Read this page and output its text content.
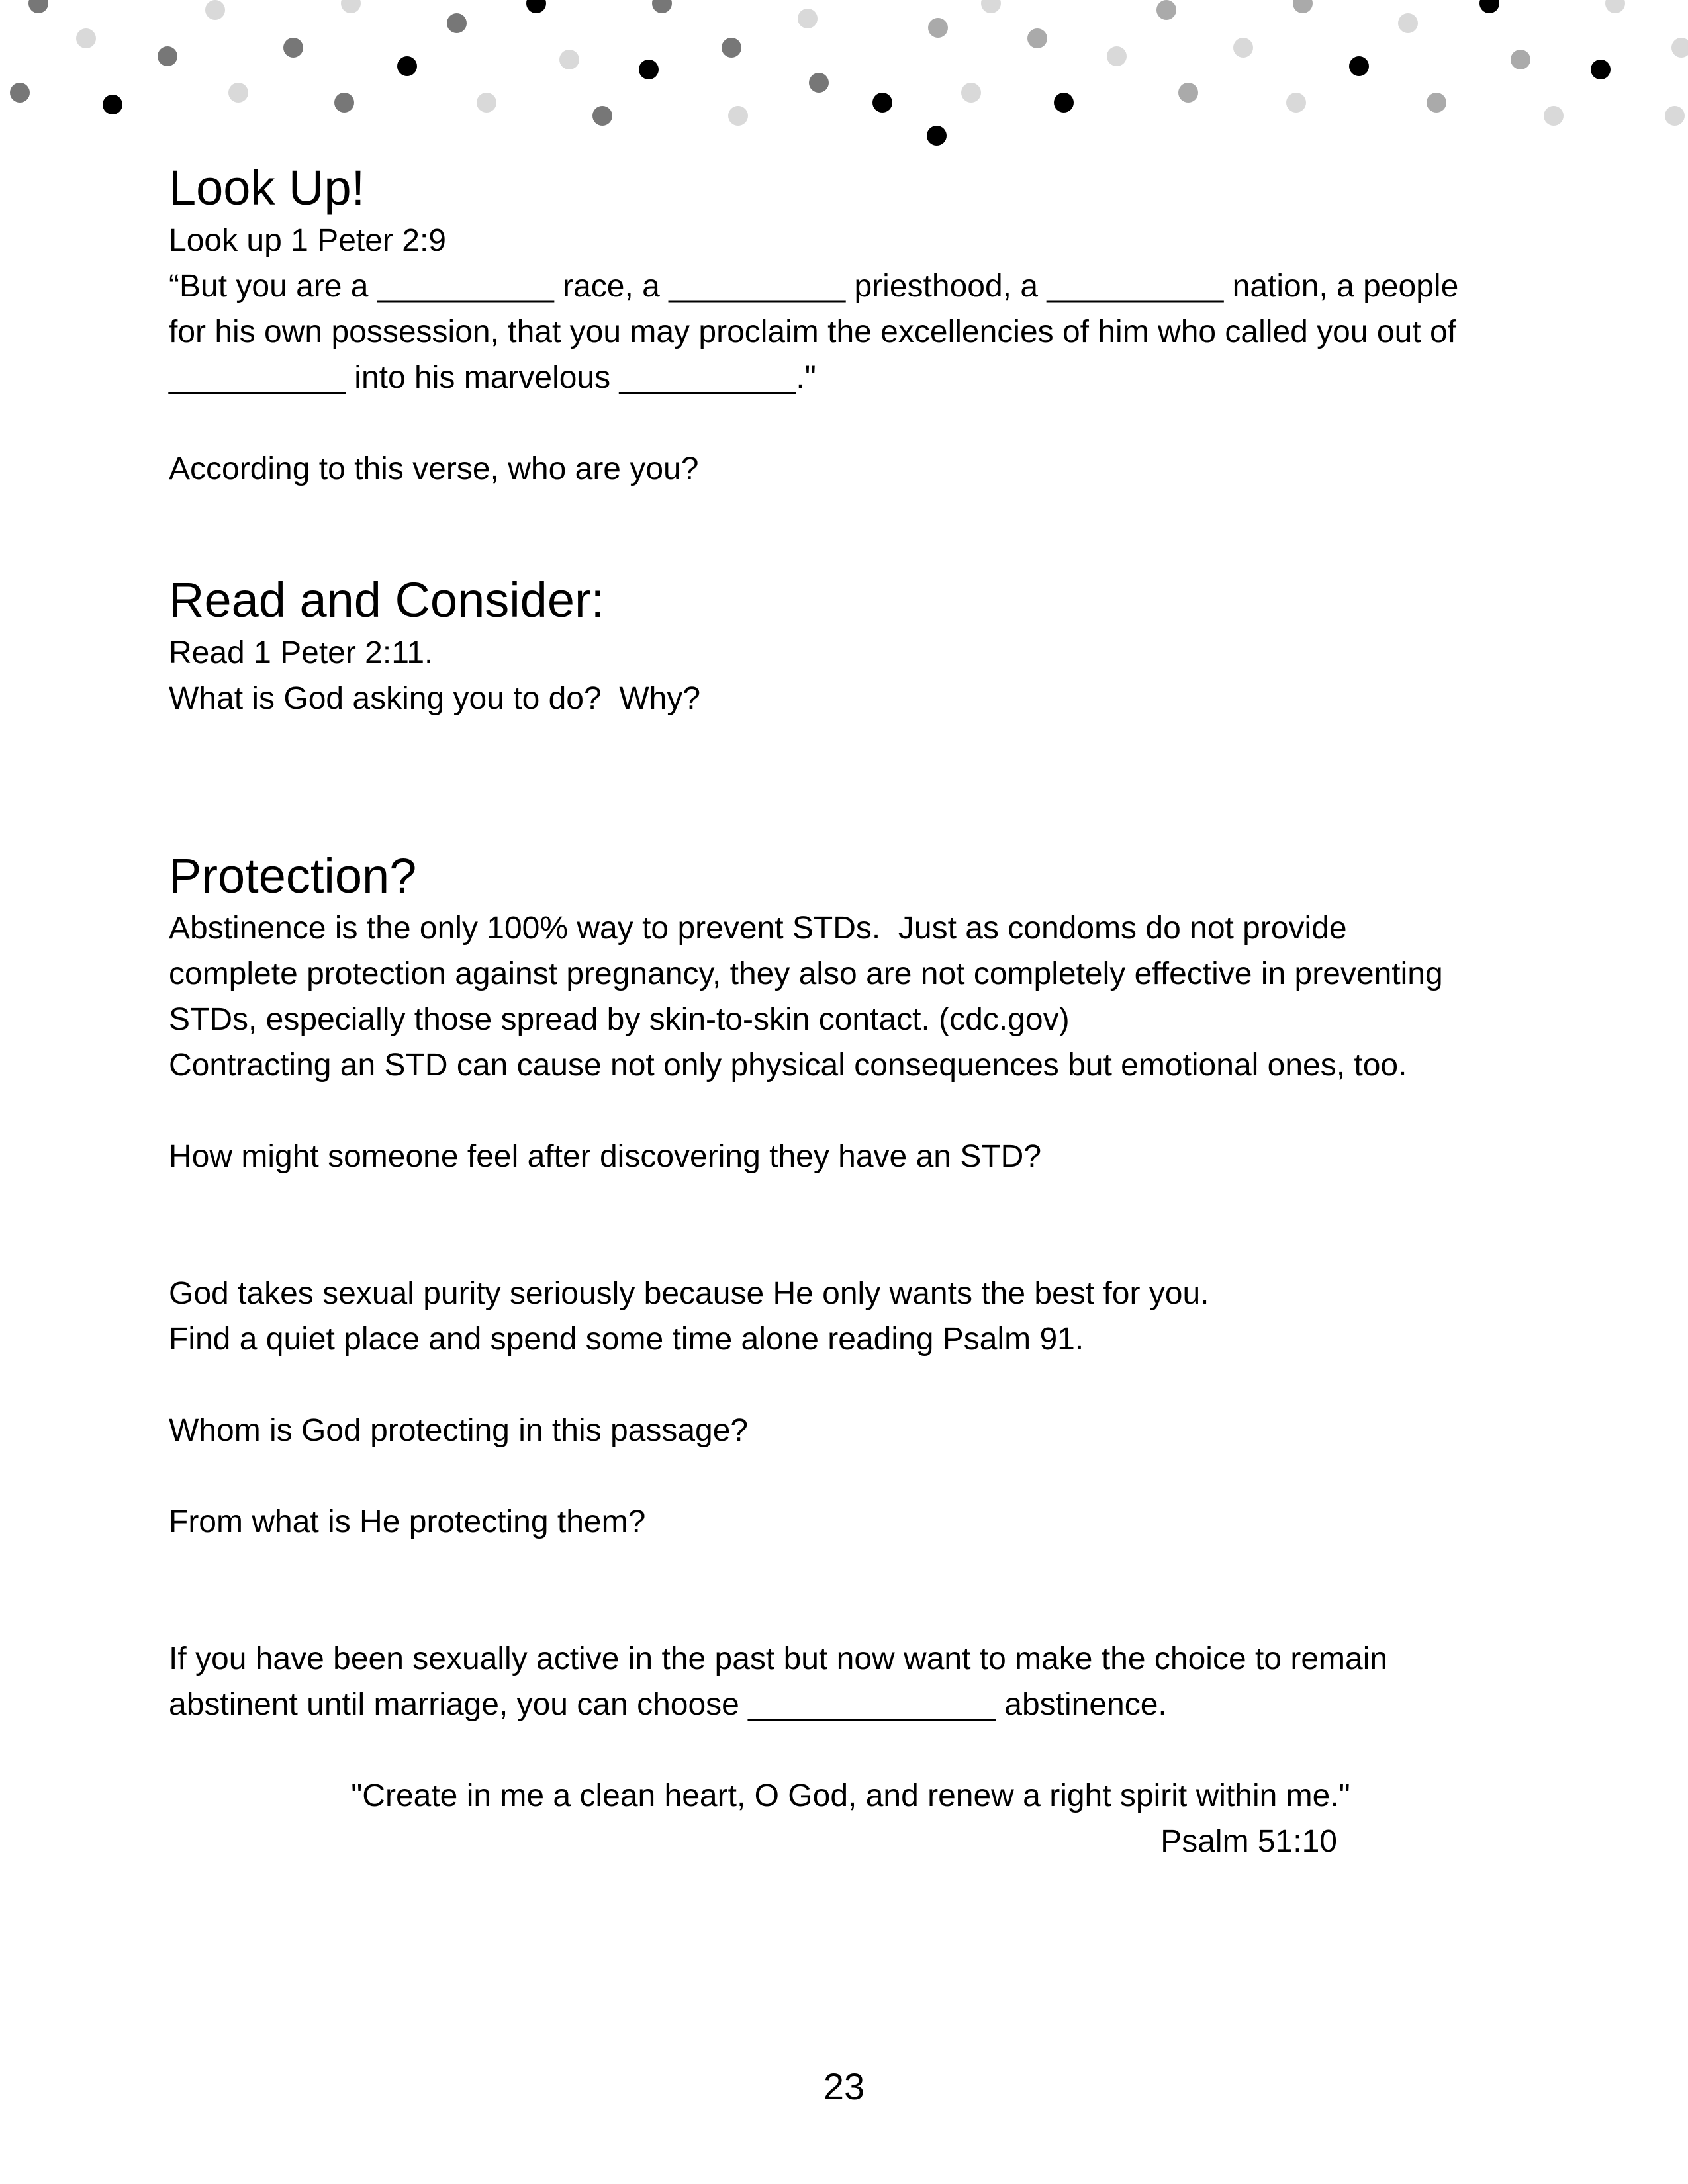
Look Up!

Look up 1 Peter 2:9

“But you are a __________ race, a __________ priesthood, a __________ nation, a people

for his own possession, that you may proclaim the excellencies of him who called you out of

__________ into his marvelous __________."

According to this verse, who are you?

Read and Consider:

Read 1 Peter 2:11.

What is God asking you to do?  Why?

Protection?

Abstinence is the only 100% way to prevent STDs.  Just as condoms do not provide

complete protection against pregnancy, they also are not completely effective in preventing

STDs, especially those spread by skin-to-skin contact. (cdc.gov)

Contracting an STD can cause not only physical consequences but emotional ones, too.

How might someone feel after discovering they have an STD?

God takes sexual purity seriously because He only wants the best for you.

Find a quiet place and spend some time alone reading Psalm 91.

Whom is God protecting in this passage?

From what is He protecting them?

If you have been sexually active in the past but now want to make the choice to remain

abstinent until marriage, you can choose ______________ abstinence.

"Create in me a clean heart, O God, and renew a right spirit within me."

Psalm 51:10

23
